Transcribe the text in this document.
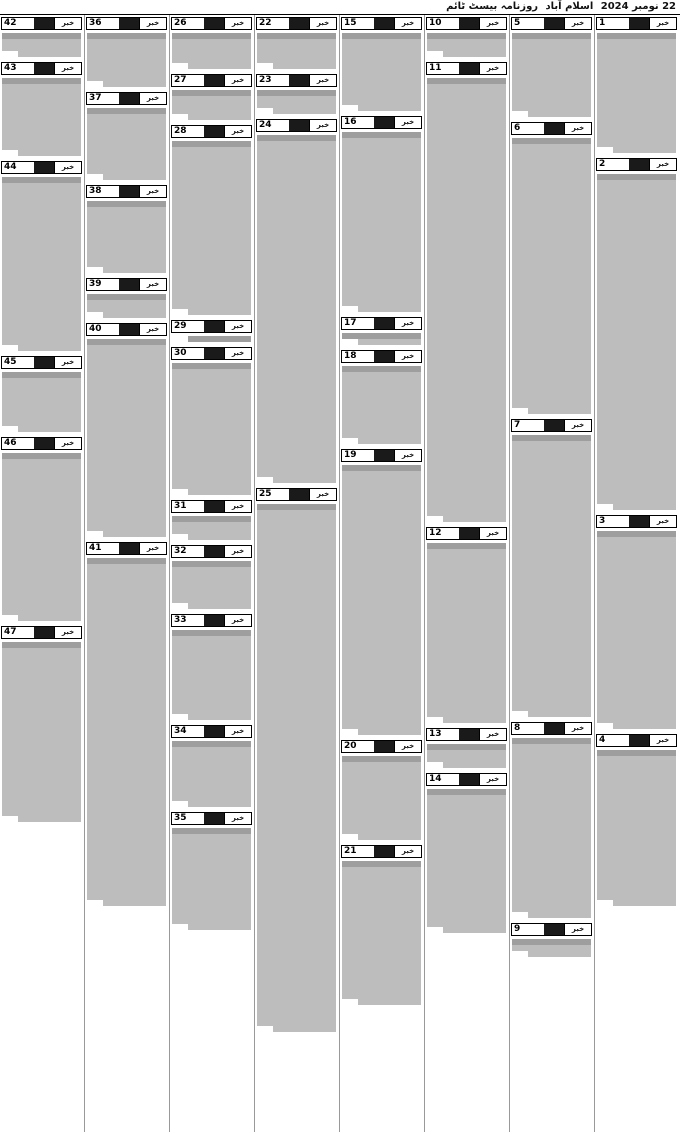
22 نومبر 2024 اسلام آباد روزنامہ بیسٹ ٹائم
خبر
1
خبر
2
خبر
3
خبر
4
خبر
5
خبر
6
خبر
7
خبر
8
خبر
9
خبر
10
خبر
11
خبر
12
خبر
13
خبر
14
خبر
15
خبر
16
خبر
17
خبر
18
خبر
19
خبر
20
خبر
21
خبر
22
خبر
23
خبر
24
خبر
25
خبر
26
خبر
27
خبر
28
خبر
29
خبر
30
خبر
31
خبر
32
خبر
33
خبر
34
خبر
35
خبر
36
خبر
37
خبر
38
خبر
39
خبر
40
خبر
41
خبر
42
خبر
43
خبر
44
خبر
45
خبر
46
خبر
47
